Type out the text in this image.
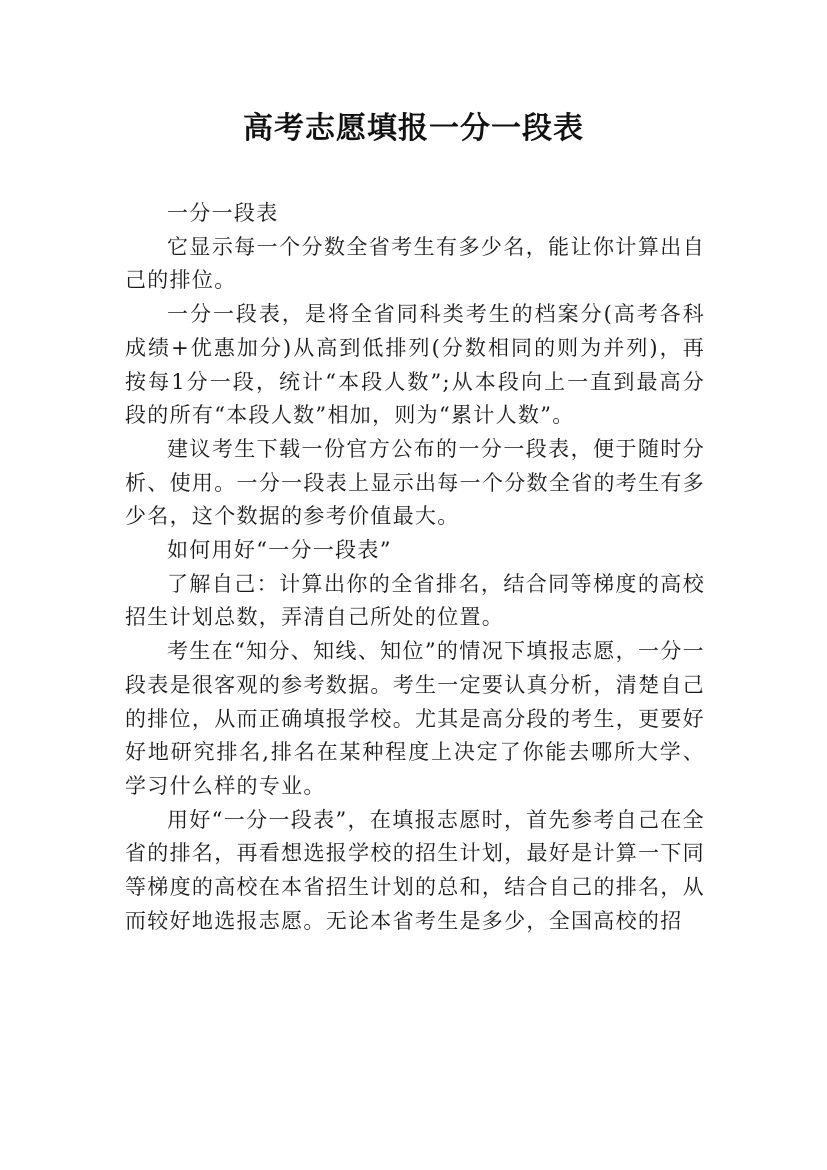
高考志愿填报一分一段表

一分一段表

它显示每一个分数全省考生有多少名，能让你计算出自己的排位。

一分一段表，是将全省同科类考生的档案分(高考各科成绩+优惠加分)从高到低排列(分数相同的则为并列)，再按每1分一段，统计“本段人数”;从本段向上一直到最高分段的所有“本段人数”相加，则为“累计人数”。

建议考生下载一份官方公布的一分一段表，便于随时分析、使用。一分一段表上显示出每一个分数全省的考生有多少名，这个数据的参考价值最大。

如何用好“一分一段表”

了解自己：计算出你的全省排名，结合同等梯度的高校招生计划总数，弄清自己所处的位置。

考生在“知分、知线、知位”的情况下填报志愿，一分一段表是很客观的参考数据。考生一定要认真分析，清楚自己的排位，从而正确填报学校。尤其是高分段的考生，更要好好地研究排名,排名在某种程度上决定了你能去哪所大学、学习什么样的专业。

用好“一分一段表”，在填报志愿时，首先参考自己在全省的排名，再看想选报学校的招生计划，最好是计算一下同等梯度的高校在本省招生计划的总和，结合自己的排名，从而较好地选报志愿。无论本省考生是多少，全国高校的招
